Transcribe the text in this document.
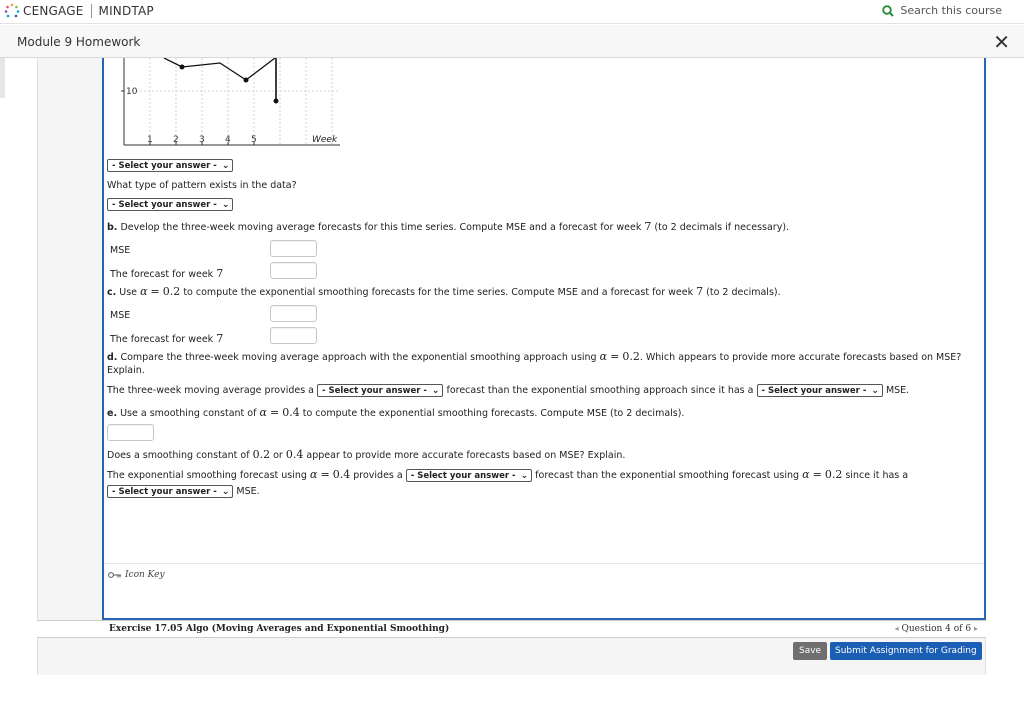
CENGAGE MINDTAP	Search this course
Module 9 Homework	✕
Icon Key
10
1 2 3 4 5	Week
- Select your answer - ⌄
What type of pattern exists in the data?
- Select your answer - ⌄
b. Develop the three-week moving average forecasts for this time series. Compute MSE and a forecast for week 7 (to 2 decimals if necessary).
MSE
The forecast for week 7
c. Use α = 0.2 to compute the exponential smoothing forecasts for the time series. Compute MSE and a forecast for week 7 (to 2 decimals).
MSE
The forecast for week 7
d. Compare the three-week moving average approach with the exponential smoothing approach using α = 0.2. Which appears to provide more accurate forecasts based on MSE?
Explain.
The three-week moving average provides a - Select your answer - ⌄ forecast than the exponential smoothing approach since it has a - Select your answer - ⌄ MSE.
e. Use a smoothing constant of α = 0.4 to compute the exponential smoothing forecasts. Compute MSE (to 2 decimals).
Does a smoothing constant of 0.2 or 0.4 appear to provide more accurate forecasts based on MSE? Explain.
The exponential smoothing forecast using α = 0.4 provides a - Select your answer - ⌄ forecast than the exponential smoothing forecast using α = 0.2 since it has a
- Select your answer - ⌄ MSE.
Exercise 17.05 Algo (Moving Averages and Exponential Smoothing)	◂ Question 4 of 6 ▸
Save	Submit Assignment for Grading
